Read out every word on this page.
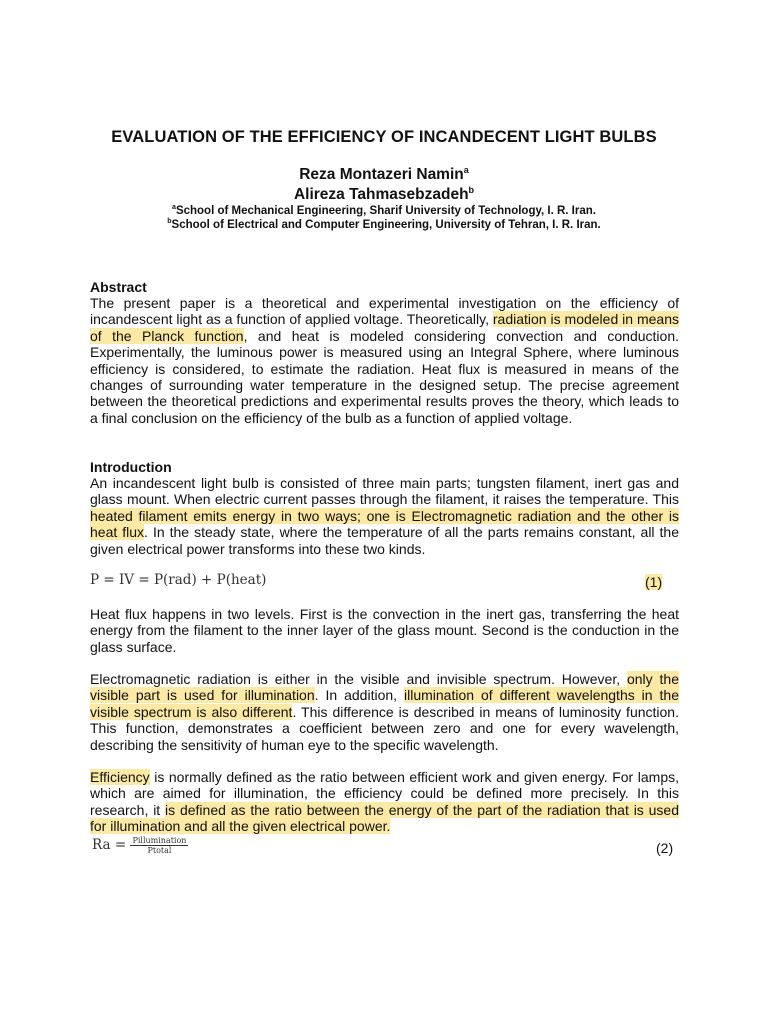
EVALUATION OF THE EFFICIENCY OF INCANDECENT LIGHT BULBS
Reza Montazeri Namin$^a$
Alireza Tahmasebzadeh$^b$
$^a$School of Mechanical Engineering, Sharif University of Technology, I. R. Iran.
$^b$School of Electrical and Computer Engineering, University of Tehran, I. R. Iran.
Abstract
The present paper is a theoretical and experimental investigation on the efficiency of incandescent light as a function of applied voltage. Theoretically, radiation is modeled in means of the Planck function, and heat is modeled considering convection and conduction. Experimentally, the luminous power is measured using an Integral Sphere, where luminous efficiency is considered, to estimate the radiation. Heat flux is measured in means of the changes of surrounding water temperature in the designed setup. The precise agreement between the theoretical predictions and experimental results proves the theory, which leads to a final conclusion on the efficiency of the bulb as a function of applied voltage.
Introduction
An incandescent light bulb is consisted of three main parts; tungsten filament, inert gas and glass mount. When electric current passes through the filament, it raises the temperature. This heated filament emits energy in two ways; one is Electromagnetic radiation and the other is heat flux. In the steady state, where the temperature of all the parts remains constant, all the given electrical power transforms into these two kinds.
P = IV = P(rad) + P(heat)	(1)
Heat flux happens in two levels. First is the convection in the inert gas, transferring the heat energy from the filament to the inner layer of the glass mount. Second is the conduction in the glass surface.
Electromagnetic radiation is either in the visible and invisible spectrum. However, only the visible part is used for illumination. In addition, illumination of different wavelengths in the visible spectrum is also different. This difference is described in means of luminosity function. This function, demonstrates a coefficient between zero and one for every wavelength, describing the sensitivity of human eye to the specific wavelength.
Efficiency is normally defined as the ratio between efficient work and given energy. For lamps, which are aimed for illumination, the efficiency could be defined more precisely. In this research, it is defined as the ratio between the energy of the part of the radiation that is used for illumination and all the given electrical power.
$Ra = \frac{\text{Pillumination}}{\text{Ptotal}}$	(2)
